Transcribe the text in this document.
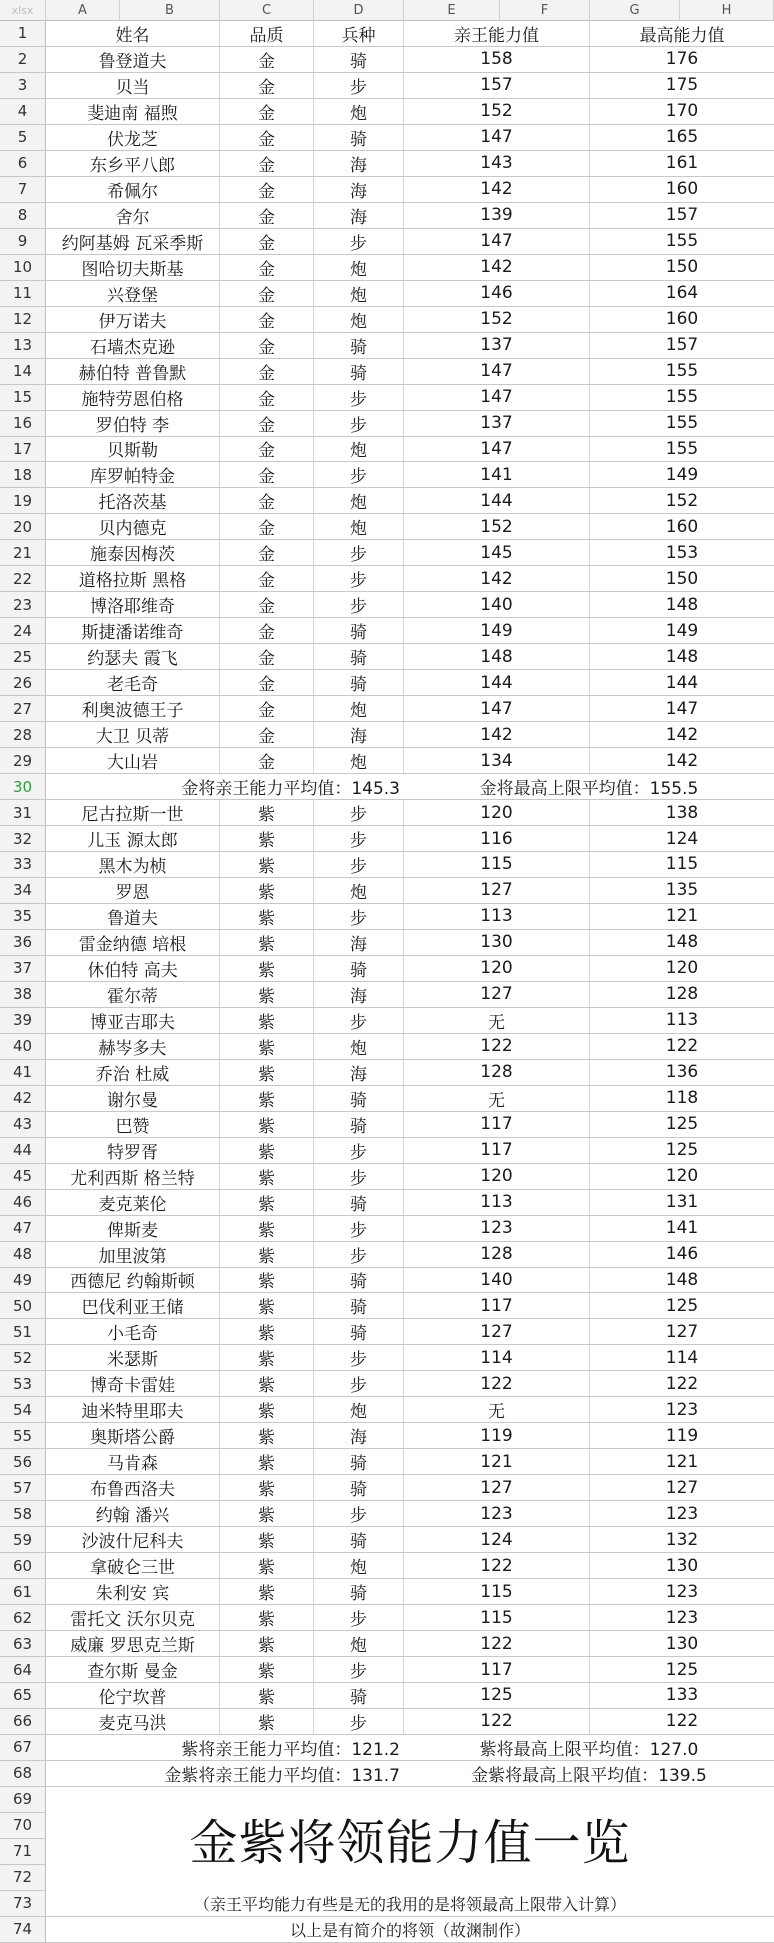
xlsx	A	B	C	D	E	F	G	H
1	姓名	品质	兵种	亲王能力值	最高能力值
2	鲁登道夫	金	骑	158	176
3	贝当	金	步	157	175
4	斐迪南 福煦	金	炮	152	170
5	伏龙芝	金	骑	147	165
6	东乡平八郎	金	海	143	161
7	希佩尔	金	海	142	160
8	舍尔	金	海	139	157
9	约阿基姆 瓦采季斯	金	步	147	155
10	图哈切夫斯基	金	炮	142	150
11	兴登堡	金	炮	146	164
12	伊万诺夫	金	炮	152	160
13	石墙杰克逊	金	骑	137	157
14	赫伯特 普鲁默	金	骑	147	155
15	施特劳恩伯格	金	步	147	155
16	罗伯特 李	金	步	137	155
17	贝斯勒	金	炮	147	155
18	库罗帕特金	金	步	141	149
19	托洛茨基	金	炮	144	152
20	贝内德克	金	炮	152	160
21	施泰因梅茨	金	步	145	153
22	道格拉斯 黑格	金	步	142	150
23	博洛耶维奇	金	步	140	148
24	斯捷潘诺维奇	金	骑	149	149
25	约瑟夫 霞飞	金	骑	148	148
26	老毛奇	金	骑	144	144
27	利奥波德王子	金	炮	147	147
28	大卫 贝蒂	金	海	142	142
29	大山岩	金	炮	134	142
30	金将亲王能力平均值：145.3	金将最高上限平均值：155.5
31	尼古拉斯一世	紫	步	120	138
32	儿玉 源太郎	紫	步	116	124
33	黑木为桢	紫	步	115	115
34	罗恩	紫	炮	127	135
35	鲁道夫	紫	步	113	121
36	雷金纳德 培根	紫	海	130	148
37	休伯特 高夫	紫	骑	120	120
38	霍尔蒂	紫	海	127	128
39	博亚吉耶夫	紫	步	无	113
40	赫岑多夫	紫	炮	122	122
41	乔治 杜威	紫	海	128	136
42	谢尔曼	紫	骑	无	118
43	巴赞	紫	骑	117	125
44	特罗胥	紫	步	117	125
45	尤利西斯 格兰特	紫	步	120	120
46	麦克莱伦	紫	骑	113	131
47	俾斯麦	紫	步	123	141
48	加里波第	紫	步	128	146
49	西德尼 约翰斯顿	紫	骑	140	148
50	巴伐利亚王储	紫	骑	117	125
51	小毛奇	紫	骑	127	127
52	米瑟斯	紫	步	114	114
53	博奇卡雷娃	紫	步	122	122
54	迪米特里耶夫	紫	炮	无	123
55	奥斯塔公爵	紫	海	119	119
56	马肯森	紫	骑	121	121
57	布鲁西洛夫	紫	骑	127	127
58	约翰 潘兴	紫	步	123	123
59	沙波什尼科夫	紫	骑	124	132
60	拿破仑三世	紫	炮	122	130
61	朱利安 宾	紫	骑	115	123
62	雷托文 沃尔贝克	紫	步	115	123
63	威廉 罗思克兰斯	紫	炮	122	130
64	查尔斯 曼金	紫	步	117	125
65	伦宁坎普	紫	骑	125	133
66	麦克马洪	紫	步	122	122
67	紫将亲王能力平均值：121.2	紫将最高上限平均值：127.0
68	金紫将亲王能力平均值：131.7	金紫将最高上限平均值：139.5
69
70
71
72
金紫将领能力值一览
73	（亲王平均能力有些是无的我用的是将领最高上限带入计算）
74	以上是有简介的将领（故渊制作）
